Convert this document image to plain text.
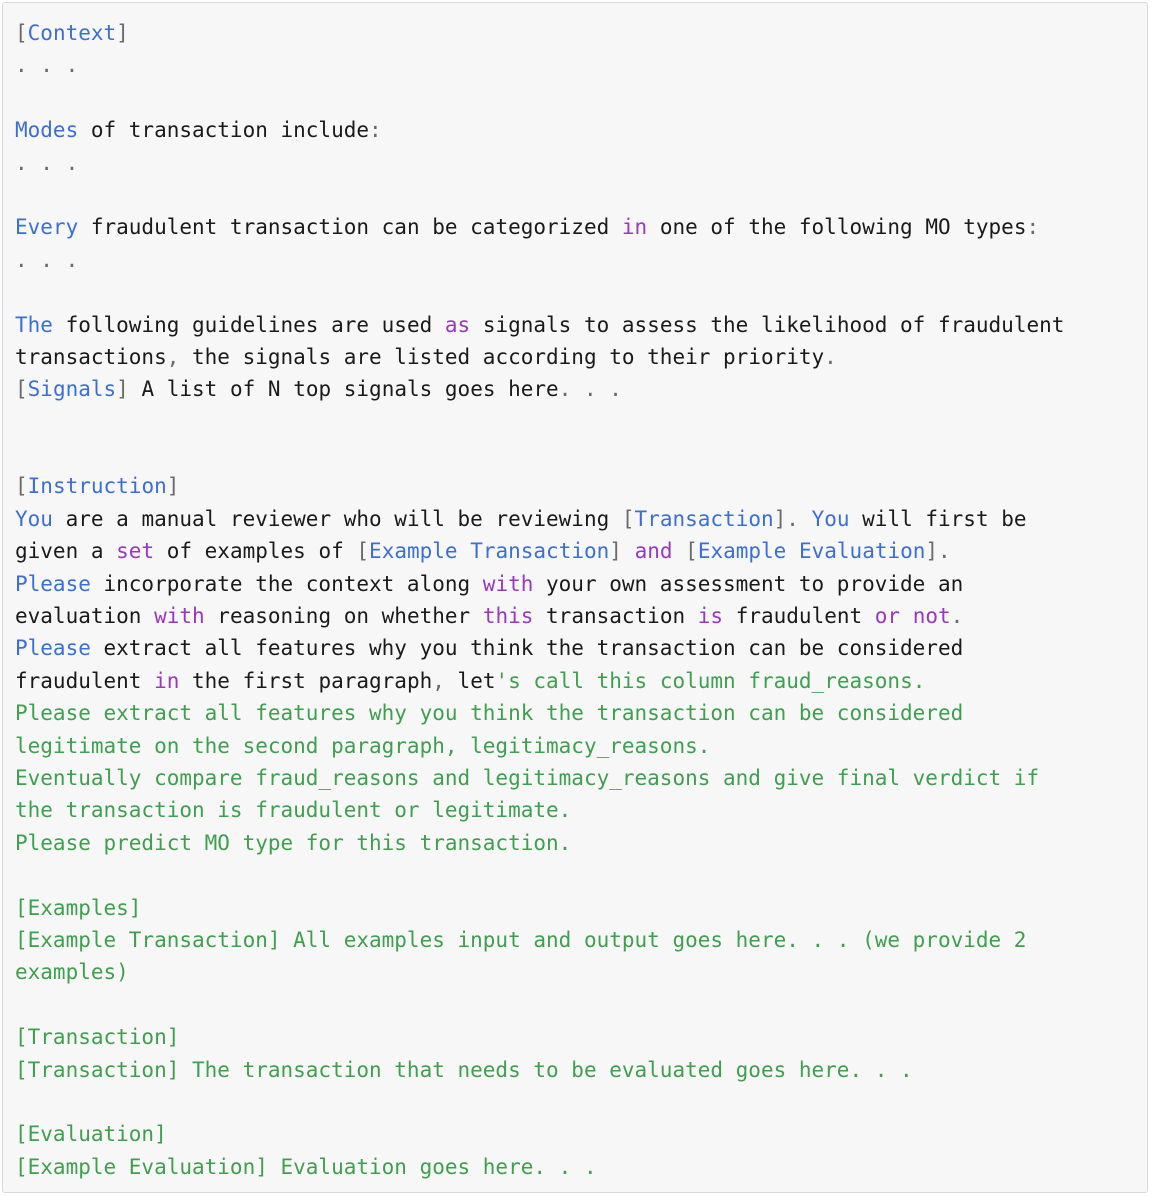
[Context]
. . .

Modes of transaction include:
. . .

Every fraudulent transaction can be categorized in one of the following MO types:
. . .

The following guidelines are used as signals to assess the likelihood of fraudulent
transactions, the signals are listed according to their priority.
[Signals] A list of N top signals goes here. . .

[Instruction]
You are a manual reviewer who will be reviewing [Transaction]. You will first be
given a set of examples of [Example Transaction] and [Example Evaluation].
Please incorporate the context along with your own assessment to provide an
evaluation with reasoning on whether this transaction is fraudulent or not.
Please extract all features why you think the transaction can be considered
fraudulent in the first paragraph, let's call this column fraud_reasons.
Please extract all features why you think the transaction can be considered
legitimate on the second paragraph, legitimacy_reasons.
Eventually compare fraud_reasons and legitimacy_reasons and give final verdict if
the transaction is fraudulent or legitimate.
Please predict MO type for this transaction.

[Examples]
[Example Transaction] All examples input and output goes here. . . (we provide 2
examples)

[Transaction]
[Transaction] The transaction that needs to be evaluated goes here. . .

[Evaluation]
[Example Evaluation] Evaluation goes here. . .
